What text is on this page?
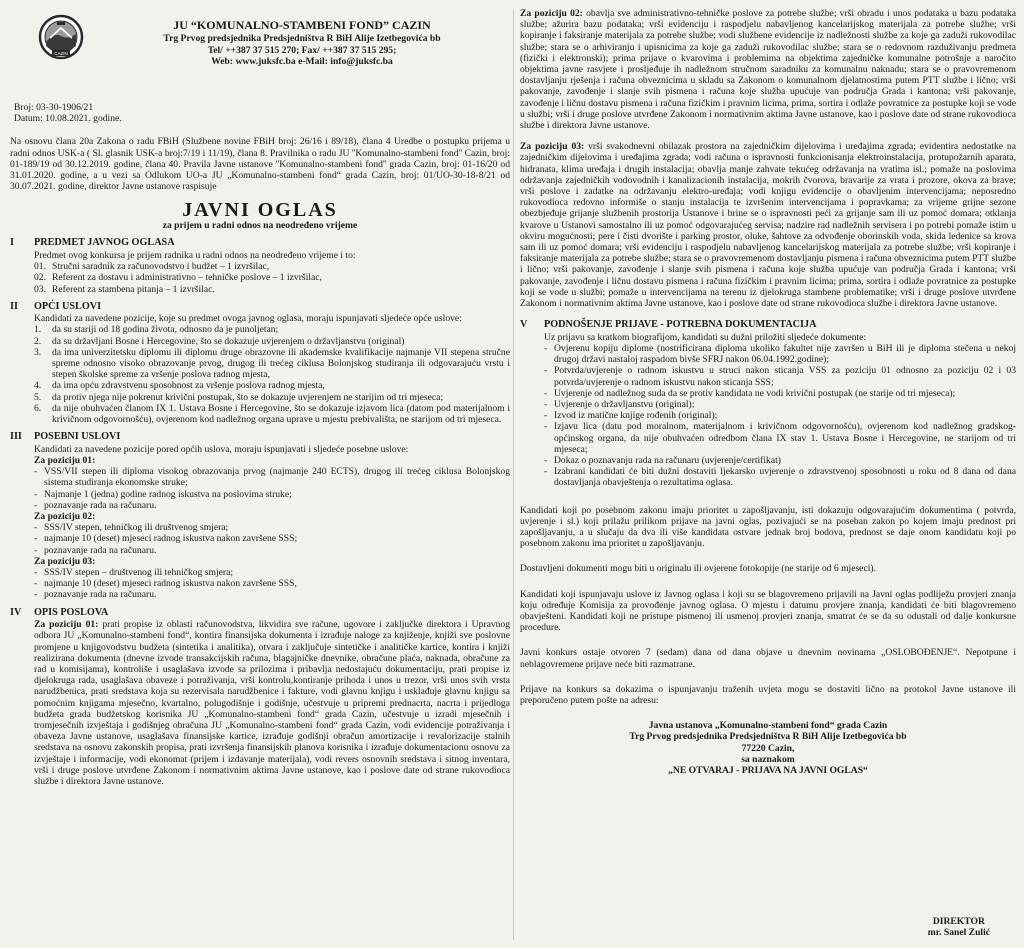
CAZIN
JU “KOMUNALNO-STAMBENI FOND” CAZIN
Trg Prvog predsjednika Predsjedništva R BiH Alije Izetbegovića bb
Tel/ ++387 37 515 270; Fax/ ++387 37 515 295;
Web: www.juksfc.ba e-Mail: info@juksfc.ba
Broj: 03-30-1906/21
Datum: 10.08.2021. godine.

Na osnovu člana 20a Zakona o radu FBiH (Službene novine FBiH broj: 26/16 i 89/18), člana 4 Uredbe o postupku prijema u radni odnos USK-a ( Sl. glasnik USK-a broj:7/19 i 11/19), člana 8. Pravilnika o radu JU ''Komunalno-stambeni fond'' Cazin, broj: 01-189/19 od 30.12.2019. godine, člana 40. Pravila Javne ustanove ''Komunalno-stambeni fond'' grada Cazin, broj: 01-16/20 od 31.01.2020. godine, a u vezi sa Odlukom UO-a JU „Komunalno-stambeni fond“ grada Cazin, broj: 01/UO-30-18-8/21 od 30.07.2021. godine, direktor Javne ustanove raspisuje

JAVNI OGLAS
za prijem u radni odnos na neodređeno vrijeme
I	PREDMET JAVNOG OGLASA

Predmet ovog konkursa je prijem radnika u radni odnos na neodređeno vrijeme i to:

01. Stručni saradnik za računovodstvo i budžet – 1 izvršilac,
02. Referent za dostavu i administrativno – tehničke poslove – 1 izvršilac,
03. Referent za stambena pitanja – 1 izvršilac.
II	OPĆI USLOVI

Kandidati za navedene pozicije, koje su predmet ovoga javnog oglasa, moraju ispunjavati sljedeće opće uslove:

1.	da su stariji od 18 godina života, odnosno da je punoljetan;
2.	da su državljani Bosne i Hercegovine, što se dokazuje uvjerenjem o državljanstvu (original)
3.	da ima univerzitetsku diplomu ili diplomu druge obrazovne ili akademske kvalifikacije najmanje VII stepena stručne spreme odnosno visoko obrazovanje prvog, drugog ili trećeg ciklusa Bolonjskog studiranja ili odgovarajuću vrstu i stepen školske spreme za vršenje poslova radnog mjesta,
4.	da ima opću zdravstvenu sposobnost za vršenje poslova radnog mjesta,
5.	da protiv njega nije pokrenut krivični postupak, što se dokazuje uvjerenjem ne starijim od tri mjeseca;
6.	da nije obuhvaćen članom IX 1. Ustava Bosne i Hercegovine, što se dokazuje izjavom lica (datom pod materijalnom i krivičnom odgovornošću), ovjerenom kod nadležnog organa uprave u mjestu prebivališta, ne starijom od tri mjeseca.
III	POSEBNI USLOVI

Kandidati za navedene pozicije pored općih uslova, moraju ispunjavati i sljedeće posebne uslove:

Za poziciju 01:
- VSS/VII stepen ili diploma visokog obrazovanja prvog (najmanje 240 ECTS), drugog ili trećeg ciklusa Bolonjskog sistema studiranja ekonomske struke;
- Najmanje 1 (jedna) godine radnog iskustva na poslovima struke;
- poznavanje rada na računaru.
Za poziciju 02:
- SSS/IV stepen, tehničkog ili društvenog smjera;
- najmanje 10 (deset) mjeseci radnog iskustva nakon završene SSS;
- poznavanje rada na računaru.
Za poziciju 03:
- SSS/IV stepen – društvenog ili tehničkog smjera;
- najmanje 10 (deset) mjeseci radnog iskustva nakon završene SSS,
- poznavanje rada na računaru.
IV	OPIS POSLOVA

Za poziciju 01: prati propise iz oblasti računovodstva, likvidira sve račune, ugovore i zaključke direktora i Upravnog odbora JU „Komunalno-stambeni fond“, kontira finansijska dokumenta i izrađuje naloge za knjiženje, knjiži sve poslovne promjene u knjigovodstvu budžeta (sintetika i analitika), otvara i zaključuje sintetičke i analitičke kartice, kontira i knjiži realizirana dokumenta (dnevne izvode transakcijskih računa, blagajničke dnevnike, obračune plaća, naknada, obračune za rad u komisijama), kontroliše i usaglašava izvode sa prilozima i pribavlja nedostajuću dokumentaciju, prati propise iz djelokruga rada, usaglašava obaveze i potraživanja, vrši kontrolu,kontiranje prihoda i unos u trezor, vrši unos svih vrsta narudžbenica, prati sredstava koja su rezervisala narudžbenice i fakture, vodi glavnu knjigu i usklađuje glavnu knjigu sa pomoćnim knjigama mjesečno, kvartalno, polugodišnje i godišnje, učestvuje u pripremi prednacrta, nacrta i prijedloga budžeta grada budžetskog korisnika JU „Komunalno-stambeni fond“ grada Cazin, učestvuje u izradi mjesečnih i tromjesečnih izvještaja i godišnjeg obračuna JU „Komunalno-stambeni fond“ grada Cazin, vodi evidencije potraživanja i obaveza Javne ustanove, usaglašava finansijske kartice, izrađuje godišnji obračun amortizacije i revalorizacije stalnih sredstava na osnovu zakonskih propisa, prati izvršenja finansijskih planova korisnika i izrađuje dokumentacionu osnovu za izvještaje i informacije, vodi ekonomat (prijem i izdavanje materijala), vodi revers osnovnih sredstava i sitnog inventara, vrši i druge poslove utvrđene Zakonom i normativnim aktima Javne ustanove, kao i poslove date od strane rukovodioca službe i direktora Javne ustanove.

Za poziciju 02: obavlja sve administrativno-tehničke poslove za potrebe službe; vrši obradu i unos podataka u bazu podataka službe; ažurira bazu podataka; vrši evidenciju i raspodjelu nabavljenog kancelarijskog materijala za potrebe službe; vrši kopiranje i faksiranje materijala za potrebe službe; vodi službene evidencije iz nadležnosti službe za koje ga zaduži rukovodilac službe; stara se o arhiviranju i upisnicima za koje ga zaduži rukovodilac službe; stara se o redovnom razduživanju predmeta (fizički i elektronski); prima prijave o kvarovima i problemima na objektima zajedničke komunalne potrošnje a naročito objektima javne rasvjete i prosljeđuje ih nadležnom stručnom saradniku za komunalnu naknadu; stara se o pravovremenom dostavljanju rješenja i računa obveznicima u skladu sa Zakonom o komunalnom djelatnostima putem PTT službe i lično; vrši pakovanje, zavođenje i slanje svih pismena i računa koje služba upućuje van područja Grada i kantona; vrši pakovanje, zavođenje i ličnu dostavu pismena i računa fizičkim i pravnim licima, prima, sortira i odlaže povratnice za postupke koji se vode u službi; vrši i druge poslove utvrđene Zakonom i normativnim aktima Javne ustanove, kao i poslove date od strane rukovodioca službe i direktora Javne ustanove.

Za poziciju 03: vrši svakodnevni obilazak prostora na zajedničkim dijelovima i uređajima zgrada; evidentira nedostatke na zajedničkim dijelovima i uređajima zgrada; vodi računa o ispravnosti funkcionisanja elektroinstalacija, protupožarnih aparata, hidranata, klima uređaja i drugih instalacija; obavlja manje zahvate tekućeg održavanja na vratima isl.; pomaže na poslovima održavanja zajedničkih vodovodnih i kanalizacionih instalacija, mokrih čvorova, bravarije za vrata i prozore, okova za brave; vrši poslove i zadatke na održavanju elektro-uređaja; vodi knjigu evidencije o obavljenim intervencijama; neposredno rukovodioca redovno informiše o stanju instalacija te izvršenim intervencijama i popravkama; za vrijeme grijne sezone obezbjeđuje grijanje službenih prostorija Ustanove i brine se o ispravnosti peći za grijanje sam ili uz pomoć domara; otklanja kvarove u Ustanovi samostalno ili uz pomoć odgovarajućeg servisa; nadzire rad nadležnih servisera i po potrebi pomaže istim u okviru mogućnosti; pere i čisti dvorište i parking prostor, oluke, šahtove za odvođenje oborinskih voda, skida ledenice sa krova sam ili uz pomoć domara; vrši evidenciju i raspodjelu nabavljenog kancelarijskog materijala za potrebe službe; vrši kopiranje i faksiranje materijala za potrebe službe; stara se o pravovremenom dostavljanju pismena i računa obveznicima putem PTT službe i lično; vrši pakovanje, zavođenje i slanje svih pismena i računa koje služba upućuje van područja Grada i kantona; vrši pakovanje, zavođenje i ličnu dostavu pismena i računa fizičkim i pravnim licima; prima, sortira i odlaže povratnice za postupke koji se vode u službi; pomaže u intervencijama na terenu iz djelokruga stambene problematike; vrši i druge poslove utvrđene Zakonom i normativnim aktima Javne ustanove, kao i poslove date od strane rukovodioca službe i direktora Javne ustanove.

V	PODNOŠENJE PRIJAVE - POTREBNA DOKUMENTACIJA

Uz prijavu sa kratkom biografijom, kandidati su dužni priložiti sljedeće dokumente:

- Ovjerenu kopiju diplome (nostrificirana diploma ukoliko fakultet nije završen u BiH ili je diploma stečena u nekoj drugoj državi nastaloj raspadom bivše SFRJ nakon 06.04.1992.godine);
- Potvrda/uvjerenje o radnom iskustvu u struci nakon sticanja VSS za poziciju 01 odnosno za poziciju 02 i 03 potvrda/uvjerenje o radnom iskustvu nakon sticanja SSS;
- Uvjerenje od nadležnog suda da se protiv kandidata ne vodi krivični postupak (ne starije od tri mjeseca);
- Uvjerenje o državljanstvu (original);
- Izvod iz matične knjige rođenih (original);
- Izjavu lica (datu pod moralnom, materijalnom i krivičnom odgovornošću), ovjerenom kod nadležnog gradskog-općinskog organa, da nije obuhvaćen odredbom člana IX stav 1. Ustava Bosne i Hercegovine, ne starijom od tri mjeseca;
- Dokaz o poznavanju rada na računaru (uvjerenje/certifikat)
- Izabrani kandidati će biti dužni dostaviti ljekarsko uvjerenje o zdravstvenoj sposobnosti u roku od 8 dana od dana dostavljanja obavještenja o rezultatima oglasa.

Kandidati koji po posebnom zakonu imaju prioritet u zapošljavanju, isti dokazuju odgovarajućim dokumentima ( potvrda, uvjerenje i sl.) koji prilažu prilikom prijave na javni oglas, pozivajući se na poseban zakon po kojem imaju prednost pri zapošljavanju, a u slučaju da dva ili više kandidata ostvare jednak broj bodova, prednost se daje onom kandidatu koji po posebnom zakonu ima prioritet u zapošljavanju.

Dostavljeni dokumenti mogu biti u originalu ili ovjerene fotokopije (ne starije od 6 mjeseci).

Kandidati koji ispunjavaju uslove iz Javnog oglasa i koji su se blagovremeno prijavili na Javni oglas podliježu provjeri znanja koju određuje Komisija za provođenje javnog oglasa. O mjestu i datumu provjere znanja, kandidati će biti blagovremeno obavješteni. Kandidati koji ne pristupe pismenoj ili usmenoj provjeri znanja, smatrat će se da su odustali od dalje konkursne procedure.

Javni konkurs ostaje otvoren 7 (sedam) dana od dana objave u dnevnim novinama „OSLOBOĐENJE“. Nepotpune i neblagovremene prijave neće biti razmatrane.

Prijave na konkurs sa dokazima o ispunjavanju traženih uvjeta mogu se dostaviti lično na protokol Javne ustanove ili preporučeno putem pošte na adresu:

Javna ustanova „Komunalno-stambeni fond“ grada Cazin
Trg Prvog predsjednika Predsjedništva R BiH Alije Izetbegovića bb
77220 Cazin,
sa naznakom
„NE OTVARAJ - PRIJAVA NA JAVNI OGLAS“
DIREKTOR
mr. Sanel Zulić
